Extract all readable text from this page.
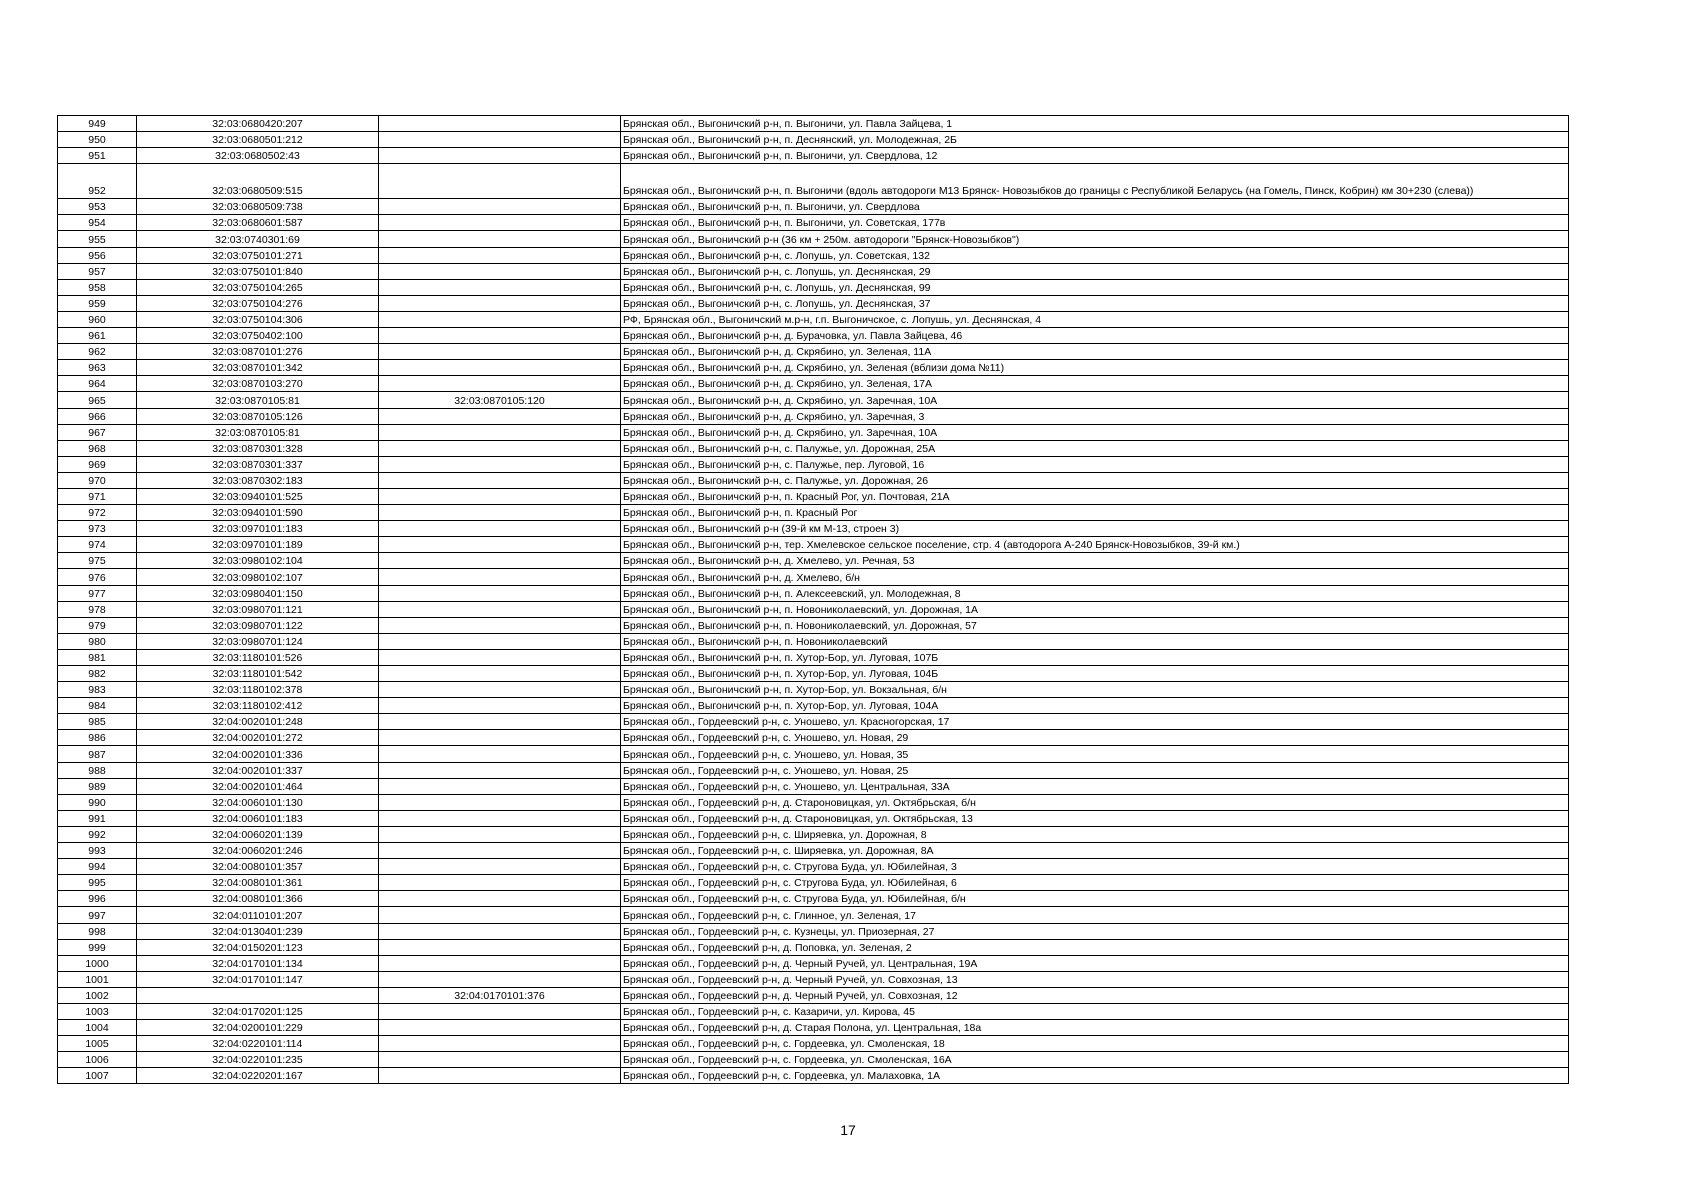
949	32:03:0680420:207		Брянская обл., Выгоничский р-н, п. Выгоничи, ул. Павла Зайцева, 1
950	32:03:0680501:212		Брянская обл., Выгоничский р-н, п. Деснянский, ул. Молодежная, 2Б
951	32:03:0680502:43		Брянская обл., Выгоничский р-н, п. Выгоничи, ул. Свердлова, 12
952	32:03:0680509:515		Брянская обл., Выгоничский р-н, п. Выгоничи (вдоль автодороги М13 Брянск- Новозыбков до границы с Республикой Беларусь (на Гомель, Пинск, Кобрин) км 30+230 (слева))
953	32:03:0680509:738		Брянская обл., Выгоничский р-н, п. Выгоничи, ул. Свердлова
954	32:03:0680601:587		Брянская обл., Выгоничский р-н, п. Выгоничи, ул. Советская, 177в
955	32:03:0740301:69		Брянская обл., Выгоничский р-н (36 км + 250м. автодороги "Брянск-Новозыбков")
956	32:03:0750101:271		Брянская обл., Выгоничский р-н, с. Лопушь, ул. Советская, 132
957	32:03:0750101:840		Брянская обл., Выгоничский р-н, с. Лопушь, ул. Деснянская, 29
958	32:03:0750104:265		Брянская обл., Выгоничский р-н, с. Лопушь, ул. Деснянская, 99
959	32:03:0750104:276		Брянская обл., Выгоничский р-н, с. Лопушь, ул. Деснянская, 37
960	32:03:0750104:306		РФ, Брянская обл., Выгоничский м.р-н, г.п. Выгоничское, с. Лопушь, ул. Деснянская, 4
961	32:03:0750402:100		Брянская обл., Выгоничский р-н, д. Бурачовка, ул. Павла Зайцева, 46
962	32:03:0870101:276		Брянская обл., Выгоничский р-н, д. Скрябино, ул. Зеленая, 11А
963	32:03:0870101:342		Брянская обл., Выгоничский р-н, д. Скрябино, ул. Зеленая (вблизи дома №11)
964	32:03:0870103:270		Брянская обл., Выгоничский р-н, д. Скрябино, ул. Зеленая, 17А
965	32:03:0870105:81	32:03:0870105:120	Брянская обл., Выгоничский р-н, д. Скрябино, ул. Заречная, 10А
966	32:03:0870105:126		Брянская обл., Выгоничский р-н, д. Скрябино, ул. Заречная, 3
967	32:03:0870105:81		Брянская обл., Выгоничский р-н, д. Скрябино, ул. Заречная, 10А
968	32:03:0870301:328		Брянская обл., Выгоничский р-н, с. Палужье, ул. Дорожная, 25А
969	32:03:0870301:337		Брянская обл., Выгоничский р-н, с. Палужье, пер. Луговой, 16
970	32:03:0870302:183		Брянская обл., Выгоничский р-н, с. Палужье, ул. Дорожная, 26
971	32:03:0940101:525		Брянская обл., Выгоничский р-н, п. Красный Рог, ул. Почтовая, 21А
972	32:03:0940101:590		Брянская обл., Выгоничский р-н, п. Красный Рог
973	32:03:0970101:183		Брянская обл., Выгоничский р-н (39-й км М-13, строен 3)
974	32:03:0970101:189		Брянская обл., Выгоничский р-н, тер. Хмелевское сельское поселение, стр. 4 (автодорога А-240 Брянск-Новозыбков, 39-й км.)
975	32:03:0980102:104		Брянская обл., Выгоничский р-н, д. Хмелево, ул. Речная, 53
976	32:03:0980102:107		Брянская обл., Выгоничский р-н, д. Хмелево, б/н
977	32:03:0980401:150		Брянская обл., Выгоничский р-н, п. Алексеевский, ул. Молодежная, 8
978	32:03:0980701:121		Брянская обл., Выгоничский р-н, п. Новониколаевский, ул. Дорожная, 1А
979	32:03:0980701:122		Брянская обл., Выгоничский р-н, п. Новониколаевский, ул. Дорожная, 57
980	32:03:0980701:124		Брянская обл., Выгоничский р-н, п. Новониколаевский
981	32:03:1180101:526		Брянская обл., Выгоничский р-н, п. Хутор-Бор, ул. Луговая, 107Б
982	32:03:1180101:542		Брянская обл., Выгоничский р-н, п. Хутор-Бор, ул. Луговая, 104Б
983	32:03:1180102:378		Брянская обл., Выгоничский р-н, п. Хутор-Бор, ул. Вокзальная, б/н
984	32:03:1180102:412		Брянская обл., Выгоничский р-н, п. Хутор-Бор, ул. Луговая, 104А
985	32:04:0020101:248		Брянская обл., Гордеевский р-н, с. Уношево, ул. Красногорская, 17
986	32:04:0020101:272		Брянская обл., Гордеевский р-н, с. Уношево, ул. Новая, 29
987	32:04:0020101:336		Брянская обл., Гордеевский р-н, с. Уношево, ул. Новая, 35
988	32:04:0020101:337		Брянская обл., Гордеевский р-н, с. Уношево, ул. Новая, 25
989	32:04:0020101:464		Брянская обл., Гордеевский р-н, с. Уношево, ул. Центральная, 33А
990	32:04:0060101:130		Брянская обл., Гордеевский р-н, д. Староновицкая, ул. Октябрьская, б/н
991	32:04:0060101:183		Брянская обл., Гордеевский р-н, д. Староновицкая, ул. Октябрьская, 13
992	32:04:0060201:139		Брянская обл., Гордеевский р-н, с. Ширяевка, ул. Дорожная, 8
993	32:04:0060201:246		Брянская обл., Гордеевский р-н, с. Ширяевка, ул. Дорожная, 8А
994	32:04:0080101:357		Брянская обл., Гордеевский р-н, с. Стругова Буда, ул. Юбилейная, 3
995	32:04:0080101:361		Брянская обл., Гордеевский р-н, с. Стругова Буда, ул. Юбилейная, 6
996	32:04:0080101:366		Брянская обл., Гордеевский р-н, с. Стругова Буда, ул. Юбилейная, б/н
997	32:04:0110101:207		Брянская обл., Гордеевский р-н, с. Глинное, ул. Зеленая, 17
998	32:04:0130401:239		Брянская обл., Гордеевский р-н, с. Кузнецы, ул. Приозерная, 27
999	32:04:0150201:123		Брянская обл., Гордеевский р-н, д. Поповка, ул. Зеленая, 2
1000	32:04:0170101:134		Брянская обл., Гордеевский р-н, д. Черный Ручей, ул. Центральная, 19А
1001	32:04:0170101:147		Брянская обл., Гордеевский р-н, д. Черный Ручей, ул. Совхозная, 13
1002		32:04:0170101:376	Брянская обл., Гордеевский р-н, д. Черный Ручей, ул. Совхозная, 12
1003	32:04:0170201:125		Брянская обл., Гордеевский р-н, с. Казаричи, ул. Кирова, 45
1004	32:04:0200101:229		Брянская обл., Гордеевский р-н, д. Старая Полона, ул. Центральная, 18а
1005	32:04:0220101:114		Брянская обл., Гордеевский р-н, с. Гордеевка, ул. Смоленская, 18
1006	32:04:0220101:235		Брянская обл., Гордеевский р-н, с. Гордеевка, ул. Смоленская, 16А
1007	32:04:0220201:167		Брянская обл., Гордеевский р-н, с. Гордеевка, ул. Малаховка, 1А
17
